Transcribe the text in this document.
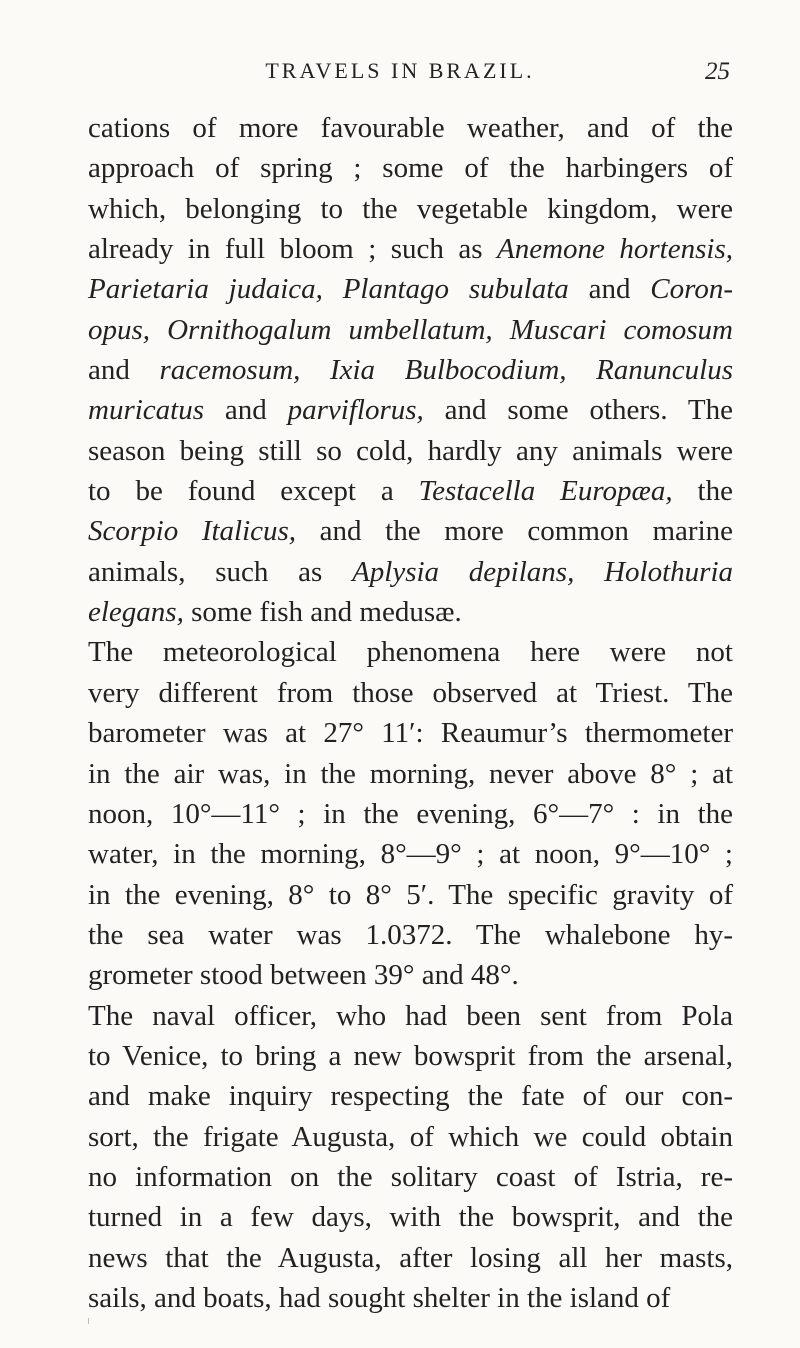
TRAVELS IN BRAZIL.	25
cations of more favourable weather, and of the
approach of spring ; some of the harbingers of
which, belonging to the vegetable kingdom, were
already in full bloom ; such as Anemone hortensis,
Parietaria judaica, Plantago subulata and Coron-
opus, Ornithogalum umbellatum, Muscari comosum
and racemosum, Ixia Bulbocodium, Ranunculus
muricatus and parviflorus, and some others. The
season being still so cold, hardly any animals were
to be found except a Testacella Europæa, the
Scorpio Italicus, and the more common marine
animals, such as Aplysia depilans, Holothuria
elegans, some fish and medusæ.
The meteorological phenomena here were not
very different from those observed at Triest. The
barometer was at 27° 11′: Reaumur’s thermometer
in the air was, in the morning, never above 8° ; at
noon, 10°—11° ; in the evening, 6°—7° : in the
water, in the morning, 8°—9° ; at noon, 9°—10° ;
in the evening, 8° to 8° 5′. The specific gravity of
the sea water was 1.0372. The whalebone hy-
grometer stood between 39° and 48°.
The naval officer, who had been sent from Pola
to Venice, to bring a new bowsprit from the arsenal,
and make inquiry respecting the fate of our con-
sort, the frigate Augusta, of which we could obtain
no information on the solitary coast of Istria, re-
turned in a few days, with the bowsprit, and the
news that the Augusta, after losing all her masts,
sails, and boats, had sought shelter in the island of
